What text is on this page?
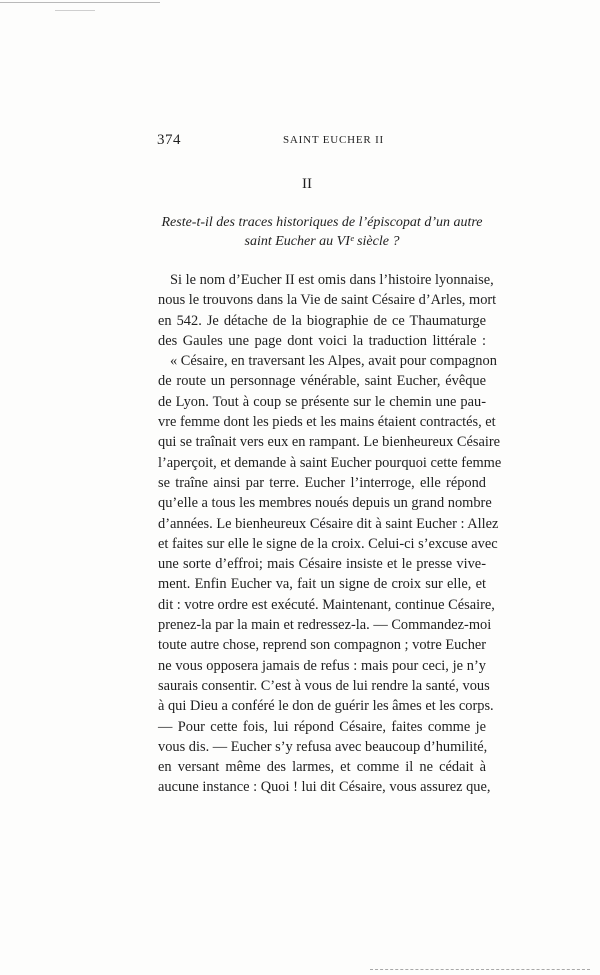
374	SAINT EUCHER II
II
Reste-t-il des traces historiques de l’épiscopat d’un autre
saint Eucher au VIᵉ siècle ?
Si le nom d’Eucher II est omis dans l’histoire lyonnaise,
nous le trouvons dans la Vie de saint Césaire d’Arles, mort
en 542. Je détache de la biographie de ce Thaumaturge
des Gaules une page dont voici la traduction littérale :
« Césaire, en traversant les Alpes, avait pour compagnon
de route un personnage vénérable, saint Eucher, évêque
de Lyon. Tout à coup se présente sur le chemin une pau-
vre femme dont les pieds et les mains étaient contractés, et
qui se traînait vers eux en rampant. Le bienheureux Césaire
l’aperçoit, et demande à saint Eucher pourquoi cette femme
se traîne ainsi par terre. Eucher l’interroge, elle répond
qu’elle a tous les membres noués depuis un grand nombre
d’années. Le bienheureux Césaire dit à saint Eucher : Allez
et faites sur elle le signe de la croix. Celui-ci s’excuse avec
une sorte d’effroi; mais Césaire insiste et le presse vive-
ment. Enfin Eucher va, fait un signe de croix sur elle, et
dit : votre ordre est exécuté. Maintenant, continue Césaire,
prenez-la par la main et redressez-la. — Commandez-moi
toute autre chose, reprend son compagnon ; votre Eucher
ne vous opposera jamais de refus : mais pour ceci, je n’y
saurais consentir. C’est à vous de lui rendre la santé, vous
à qui Dieu a conféré le don de guérir les âmes et les corps.
— Pour cette fois, lui répond Césaire, faites comme je
vous dis. — Eucher s’y refusa avec beaucoup d’humilité,
en versant même des larmes, et comme il ne cédait à
aucune instance : Quoi ! lui dit Césaire, vous assurez que,
